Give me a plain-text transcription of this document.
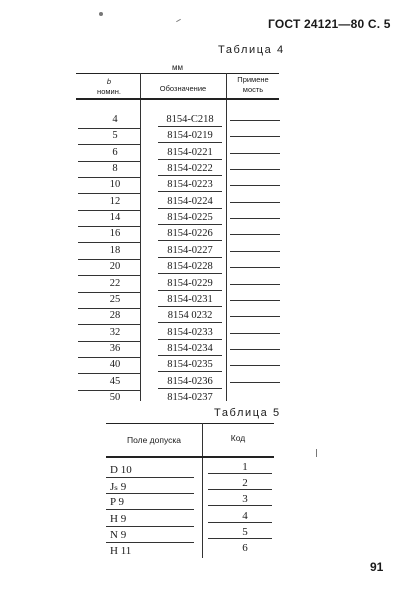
ГОСТ 24121—80 С. 5
Таблица 4
мм
b
номин.	Обозначение
Примене
мость
4	8154-C218
5	8154-0219
6	8154-0221
8	8154-0222
10	8154-0223
12	8154-0224
14	8154-0225
16	8154-0226
18	8154-0227
20	8154-0228
22	8154-0229
25	8154-0231
28	8154 0232
32	8154-0233
36	8154-0234
40	8154-0235
45	8154-0236
50	8154-0237
Таблица 5
Поле допуска	Код
D 10	1
Jₛ 9	2
P 9	3
H 9	4
N 9	5
H 11	6
91
